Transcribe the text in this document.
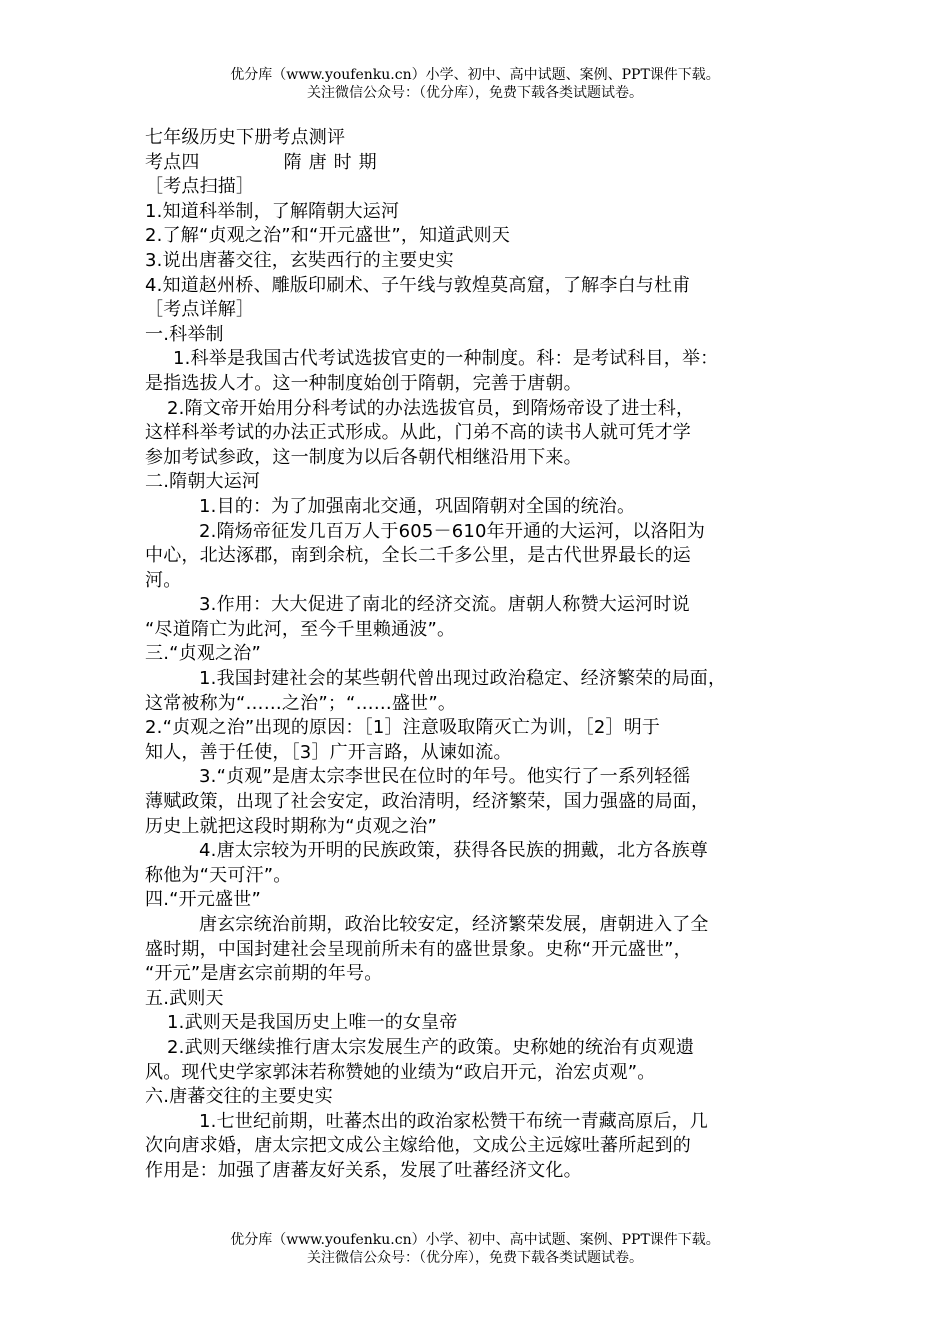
优分库（www.youfenku.cn）小学、初中、高中试题、案例、PPT课件下载。
关注微信公众号：（优分库），免费下载各类试题试卷。

七年级历史下册考点测评

考点四	隋唐时期

［考点扫描］

1.知道科举制，了解隋朝大运河

2.了解“贞观之治”和“开元盛世”，知道武则天

3.说出唐蕃交往，玄奘西行的主要史实

4.知道赵州桥、雕版印刷术、子午线与敦煌莫高窟，了解李白与杜甫

［考点详解］

一.科举制

1.科举是我国古代考试选拔官吏的一种制度。科：是考试科目，举：

是指选拔人才。这一种制度始创于隋朝，完善于唐朝。

2.隋文帝开始用分科考试的办法选拔官员，到隋炀帝设了进士科，

这样科举考试的办法正式形成。从此，门弟不高的读书人就可凭才学

参加考试参政，这一制度为以后各朝代相继沿用下来。

二.隋朝大运河

1.目的：为了加强南北交通，巩固隋朝对全国的统治。

2.隋炀帝征发几百万人于605－610年开通的大运河，以洛阳为

中心，北达涿郡，南到余杭，全长二千多公里，是古代世界最长的运

河。

3.作用：大大促进了南北的经济交流。唐朝人称赞大运河时说

“尽道隋亡为此河，至今千里赖通波”。

三.“贞观之治”

1.我国封建社会的某些朝代曾出现过政治稳定、经济繁荣的局面，

这常被称为“……之治”；“……盛世”。

2.“贞观之治”出现的原因：［1］注意吸取隋灭亡为训，［2］明于

知人，善于任使，［3］广开言路，从谏如流。

3.“贞观”是唐太宗李世民在位时的年号。他实行了一系列轻徭

薄赋政策，出现了社会安定，政治清明，经济繁荣，国力强盛的局面，

历史上就把这段时期称为“贞观之治”

4.唐太宗较为开明的民族政策，获得各民族的拥戴，北方各族尊

称他为“天可汗”。

四.“开元盛世”

唐玄宗统治前期，政治比较安定，经济繁荣发展，唐朝进入了全

盛时期，中国封建社会呈现前所未有的盛世景象。史称“开元盛世”，

“开元”是唐玄宗前期的年号。

五.武则天

1.武则天是我国历史上唯一的女皇帝

2.武则天继续推行唐太宗发展生产的政策。史称她的统治有贞观遗

风。现代史学家郭沫若称赞她的业绩为“政启开元，治宏贞观”。

六.唐蕃交往的主要史实

1.七世纪前期，吐蕃杰出的政治家松赞干布统一青藏高原后，几

次向唐求婚，唐太宗把文成公主嫁给他，文成公主远嫁吐蕃所起到的

作用是：加强了唐蕃友好关系，发展了吐蕃经济文化。

优分库（www.youfenku.cn）小学、初中、高中试题、案例、PPT课件下载。
关注微信公众号：（优分库），免费下载各类试题试卷。
